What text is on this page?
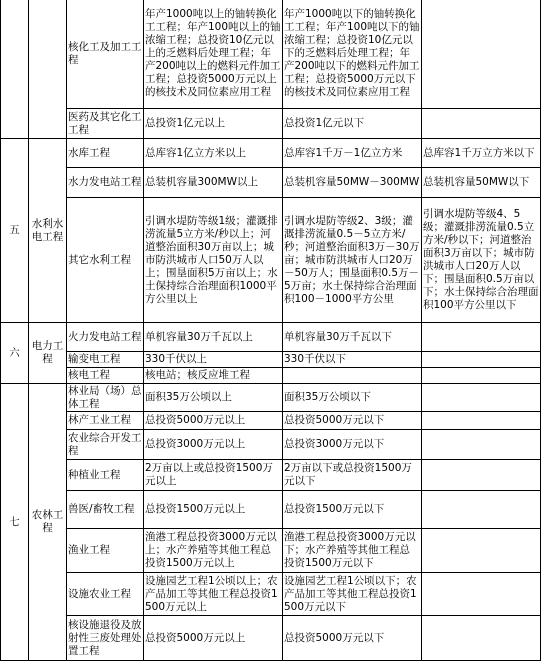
		核化工及加工工程	年产1000吨以上的铀转换化工工程；年产100吨以上的铀浓缩工程；总投资10亿元以上的乏燃料后处理工程；年产200吨以上的燃料元件加工工程；总投资5000万元以上的核技术及同位素应用工程	年产1000吨以下的铀转换化工工程；年产100吨以下的铀浓缩工程；总投资10亿元以下的乏燃料后处理工程；年产200吨以下的燃料元件加工工程；总投资5000万元以下的核技术及同位素应用工程	
		医药及其它化工工程	总投资1亿元以上	总投资1亿元以下	
五	水利水电工程	水库工程	总库容1亿立方米以上	总库容1千万－1亿立方米	总库容1千万立方米以下
		水力发电站工程	总装机容量300MW以上	总装机容量50MW－300MW	总装机容量50MW以下
		其它水利工程	引调水堤防等级1级；灌溉排涝流量5立方米/秒以上；河道整治面积30万亩以上；城市防洪城市人口50万人以上；围垦面积5万亩以上；水土保持综合治理面积1000平方公里以上	引调水堤防等级2、3级；灌溉排涝流量0.5－5立方米/秒；河道整治面积3万－30万亩；城市防洪城市人口20万－50万人；围垦面积0.5万－5万亩；水土保持综合治理面积100－1000平方公里	引调水堤防等级4、5级；灌溉排涝流量0.5立方米/秒以下；河道整治面积3万亩以下；城市防洪城市人口20万人以下；围垦面积0.5万亩以下；水土保持综合治理面积100平方公里以下
六	电力工程	火力发电站工程	单机容量30万千瓦以上	单机容量30万千瓦以下	
		输变电工程	330千伏以上	330千伏以下	
		核电工程	核电站；核反应堆工程		
七	农林工程	林业局（场）总体工程	面积35万公顷以上	面积35万公顷以下	
		林产工业工程	总投资5000万元以上	总投资5000万元以下	
		农业综合开发工程	总投资3000万元以上	总投资3000万元以下	
		种植业工程	2万亩以上或总投资1500万元以上	2万亩以下或总投资1500万元以下	
		兽医/畜牧工程	总投资1500万元以上	总投资1500万元以下	
		渔业工程	渔港工程总投资3000万元以上；水产养殖等其他工程总投资1500万元以上	渔港工程总投资3000万元以下；水产养殖等其他工程总投资1500万元以下	
		设施农业工程	设施园艺工程1公顷以上；农产品加工等其他工程总投资1500万元以上	设施园艺工程1公顷以下；农产品加工等其他工程总投资1500万元以下	
		核设施退役及放射性三废处理处置工程	总投资5000万元以上	总投资5000万元以下	
